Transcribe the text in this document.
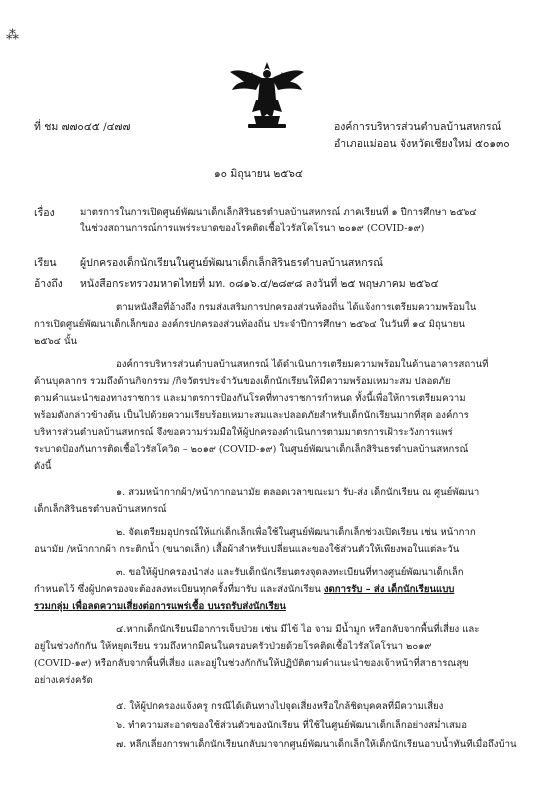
⁂
ที่ ชม ๗๗๐๔๕ /๔๗๗	องค์การบริหารส่วนตำบลบ้านสหกรณ์
อำเภอแม่ออน จังหวัดเชียงใหม่ ๕๐๑๓๐
๑๐ มิถุนายน ๒๕๖๔
เรื่อง	มาตรการในการเปิดศูนย์พัฒนาเด็กเล็กสิรินธรตำบลบ้านสหกรณ์ ภาคเรียนที่ ๑ ปีการศึกษา ๒๕๖๔
ในช่วงสถานการณ์การแพร่ระบาดของโรคติดเชื้อไวรัสโคโรนา ๒๐๑๙ (COVID-๑๙)
เรียน ผู้ปกครองเด็กนักเรียนในศูนย์พัฒนาเด็กเล็กสิรินธรตำบลบ้านสหกรณ์
อ้างถึง หนังสือกระทรวงมหาดไทยที่ มท. ๐๘๑๖.๔/๒๘๙๘ ลงวันที่ ๒๕ พฤษภาคม ๒๕๖๔
ตามหนังสือที่อ้างถึง กรมส่งเสริมการปกครองส่วนท้องถิ่น ได้แจ้งการเตรียมความพร้อมใน
การเปิดศูนย์พัฒนาเด็กเล็กของ องค์กรปกครองส่วนท้องถิ่น ประจำปีการศึกษา ๒๕๖๔ ในวันที่ ๑๔ มิถุนายน
๒๕๖๔ นั้น
องค์การบริหารส่วนตำบลบ้านสหกรณ์ ได้ดำเนินการเตรียมความพร้อมในด้านอาคารสถานที่
ด้านบุคลากร รวมถึงด้านกิจกรรม /กิจวัตรประจำวันของเด็กนักเรียนให้มีความพร้อมเหมาะสม ปลอดภัย
ตามคำแนะนำของทางราชการ และมาตรการป้องกันโรคที่ทางราชการกำหนด ทั้งนี้เพื่อให้การเตรียมความ
พร้อมดังกล่าวข้างต้น เป็นไปด้วยความเรียบร้อยเหมาะสมและปลอดภัยสำหรับเด็กนักเรียนมากที่สุด องค์การ
บริหารส่วนตำบลบ้านสหกรณ์ จึงขอความร่วมมือให้ผู้ปกครองดำเนินการตามมาตรการเฝ้าระวังการแพร่
ระบาดป้องกันการติดเชื้อไวรัสโควิด – ๒๐๑๙ (COVID-๑๙) ในศูนย์พัฒนาเด็กเล็กสิรินธรตำบลบ้านสหกรณ์
ดังนี้
๑. สวมหน้ากากผ้า/หน้ากากอนามัย ตลอดเวลาขณะมา รับ-ส่ง เด็กนักเรียน ณ ศูนย์พัฒนา
เด็กเล็กสิรินธรตำบลบ้านสหกรณ์
๒. จัดเตรียมอุปกรณ์ให้แก่เด็กเล็กเพื่อใช้ในศูนย์พัฒนาเด็กเล็กช่วงเปิดเรียน เช่น หน้ากาก
อนามัย /หน้ากากผ้า กระติกน้ำ (ขนาดเล็ก) เสื้อผ้าสำหรับเปลี่ยนและของใช้ส่วนตัวให้เพียงพอในแต่ละวัน
๓. ขอให้ผู้ปกครองนำส่ง และรับเด็กนักเรียนตรงจุดลงทะเบียนที่ทางศูนย์พัฒนาเด็กเล็ก
กำหนดไว้ ซึ่งผู้ปกครองจะต้องลงทะเบียนทุกครั้งที่มารับ และส่งนักเรียน งดการรับ – ส่ง เด็กนักเรียนแบบ
รวมกลุ่ม เพื่อลดความเสี่ยงต่อการแพร่เชื้อ บนรถรับส่งนักเรียน
๔.หากเด็กนักเรียนมีอาการเจ็บป่วย เช่น มีไข้ ไอ จาม มีน้ำมูก หรือกลับจากพื้นที่เสี่ยง และ
อยู่ในช่วงกักกัน ให้หยุดเรียน รวมถึงหากมีคนในครอบครัวป่วยด้วยโรคติดเชื้อไวรัสโคโรนา ๒๐๑๙
(COVID-๑๙) หรือกลับจากพื้นที่เสี่ยง และอยู่ในช่วงกักกันให้ปฏิบัติตามคำแนะนำของเจ้าหน้าที่สาธารณสุข
อย่างเคร่งครัด
๕. ให้ผู้ปกครองแจ้งครู กรณีได้เดินทางไปจุดเสี่ยงหรือใกล้ชิดบุคคลที่มีความเสี่ยง
๖. ทำความสะอาดของใช้ส่วนตัวของนักเรียน ที่ใช้ในศูนย์พัฒนาเด็กเล็กอย่างสม่ำเสมอ
๗. หลีกเลี่ยงการพาเด็กนักเรียนกลับมาจากศูนย์พัฒนาเด็กเล็กให้เด็กนักเรียนอาบน้ำทันทีเมื่อถึงบ้าน
